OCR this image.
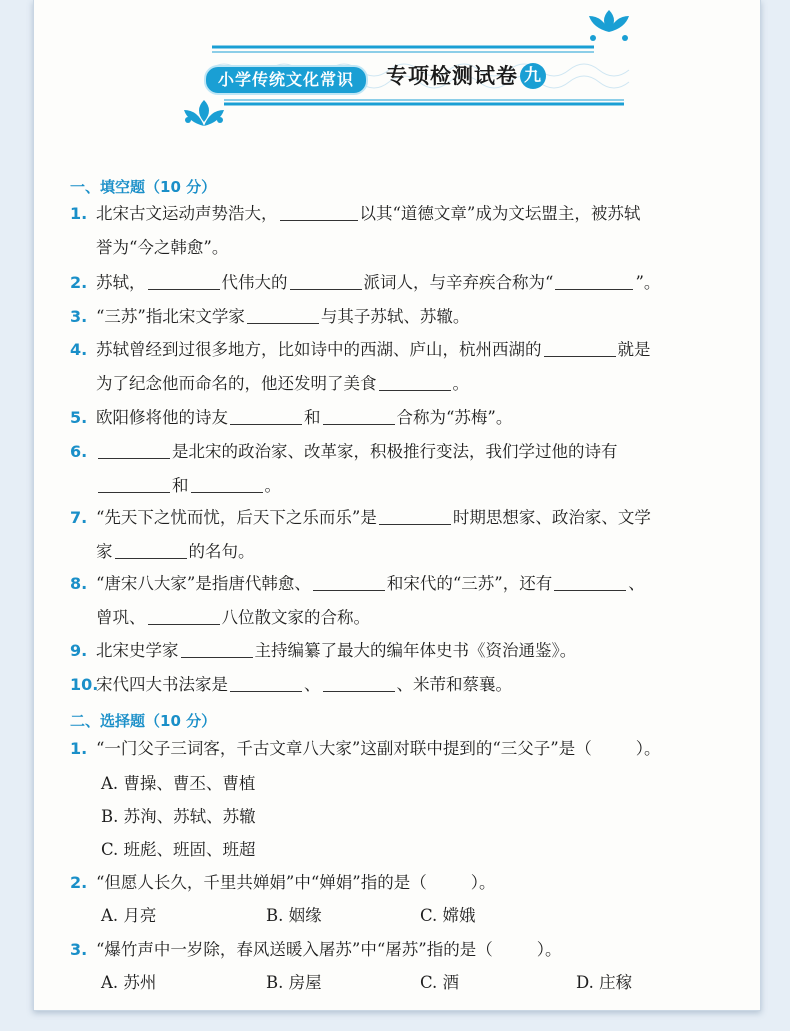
小学传统文化常识	专项检测试卷 九
一、填空题（10 分）
1. 北宋古文运动声势浩大，	以其“道德文章”成为文坛盟主，被苏轼
誉为“今之韩愈”。
2. 苏轼，	代伟大的	派词人，与辛弃疾合称为“	”。
3. “三苏”指北宋文学家	与其子苏轼、苏辙。
4. 苏轼曾经到过很多地方，比如诗中的西湖、庐山，杭州西湖的	就是
为了纪念他而命名的，他还发明了美食	。
5. 欧阳修将他的诗友	和	合称为“苏梅”。
6.	是北宋的政治家、改革家，积极推行变法，我们学过他的诗有
和	。
7. “先天下之忧而忧，后天下之乐而乐”是	时期思想家、政治家、文学
家	的名句。
8. “唐宋八大家”是指唐代韩愈、	和宋代的“三苏”，还有	、
曾巩、	八位散文家的合称。
9. 北宋史学家	主持编纂了最大的编年体史书《资治通鉴》。
10.宋代四大书法家是	、	、米芾和蔡襄。
二、选择题（10 分）
1. “一门父子三词客，千古文章八大家”这副对联中提到的“三父子”是（	）。
A. 曹操、曹丕、曹植
B. 苏洵、苏轼、苏辙
C. 班彪、班固、班超
2. “但愿人长久，千里共婵娟”中“婵娟”指的是（	）。
A. 月亮	B. 姻缘	C. 嫦娥
3. “爆竹声中一岁除，春风送暖入屠苏”中“屠苏”指的是（	）。
A. 苏州	B. 房屋	C. 酒	D. 庄稼
